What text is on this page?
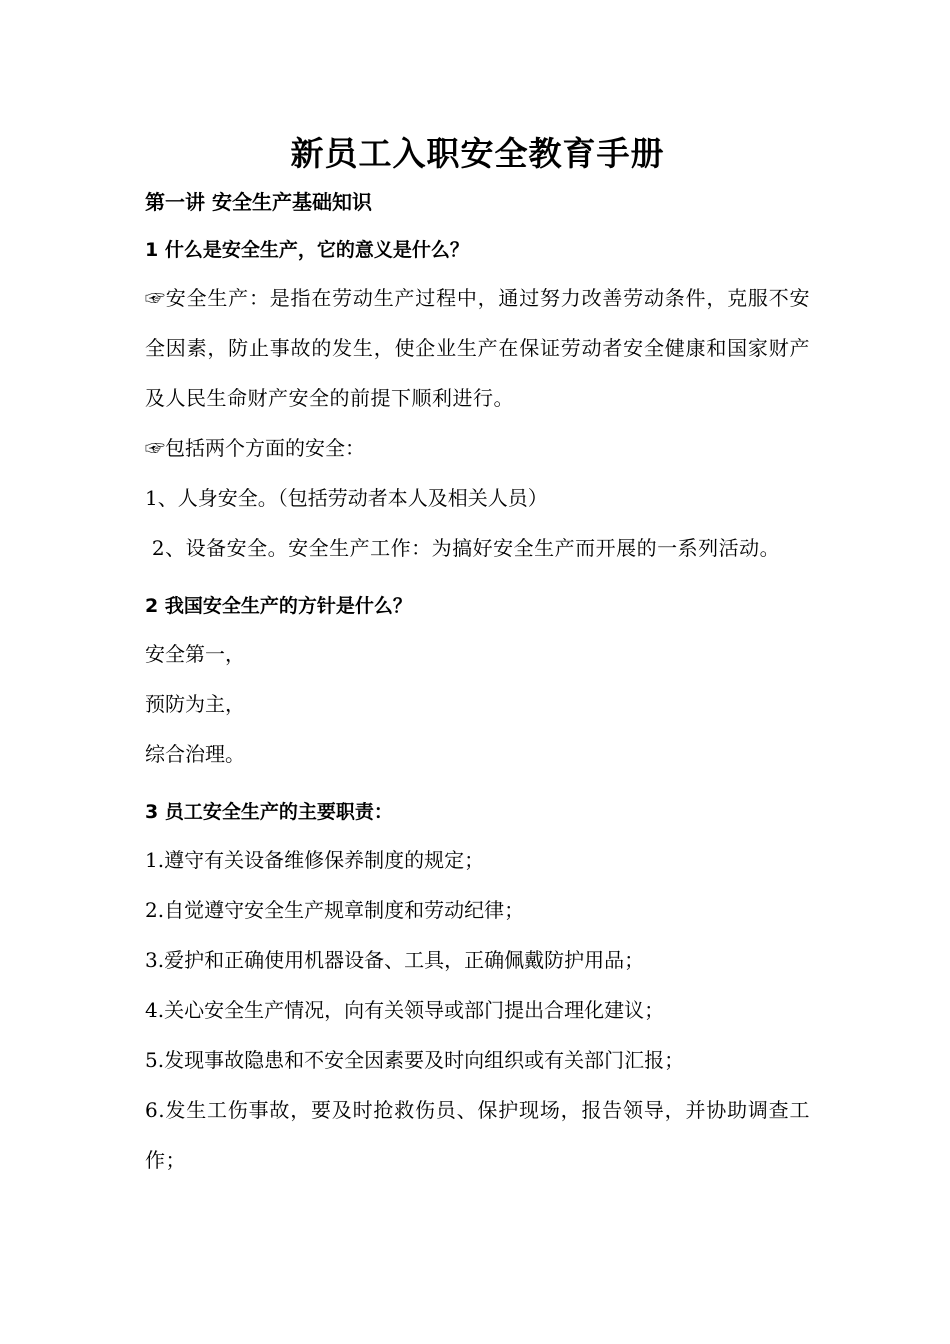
新员工入职安全教育手册
第一讲 安全生产基础知识
1 什么是安全生产，它的意义是什么？

☞安全生产：是指在劳动生产过程中，通过努力改善劳动条件，克服不安全因素，防止事故的发生，使企业生产在保证劳动者安全健康和国家财产及人民生命财产安全的前提下顺利进行。

☞包括两个方面的安全：

1、人身安全。（包括劳动者本人及相关人员）

2、设备安全。安全生产工作：为搞好安全生产而开展的一系列活动。

2 我国安全生产的方针是什么？

安全第一，

预防为主，

综合治理。

3 员工安全生产的主要职责：

1.遵守有关设备维修保养制度的规定；

2.自觉遵守安全生产规章制度和劳动纪律；

3.爱护和正确使用机器设备、工具，正确佩戴防护用品；

4.关心安全生产情况，向有关领导或部门提出合理化建议；

5.发现事故隐患和不安全因素要及时向组织或有关部门汇报；

6.发生工伤事故，要及时抢救伤员、保护现场，报告领导，并协助调查工作；
